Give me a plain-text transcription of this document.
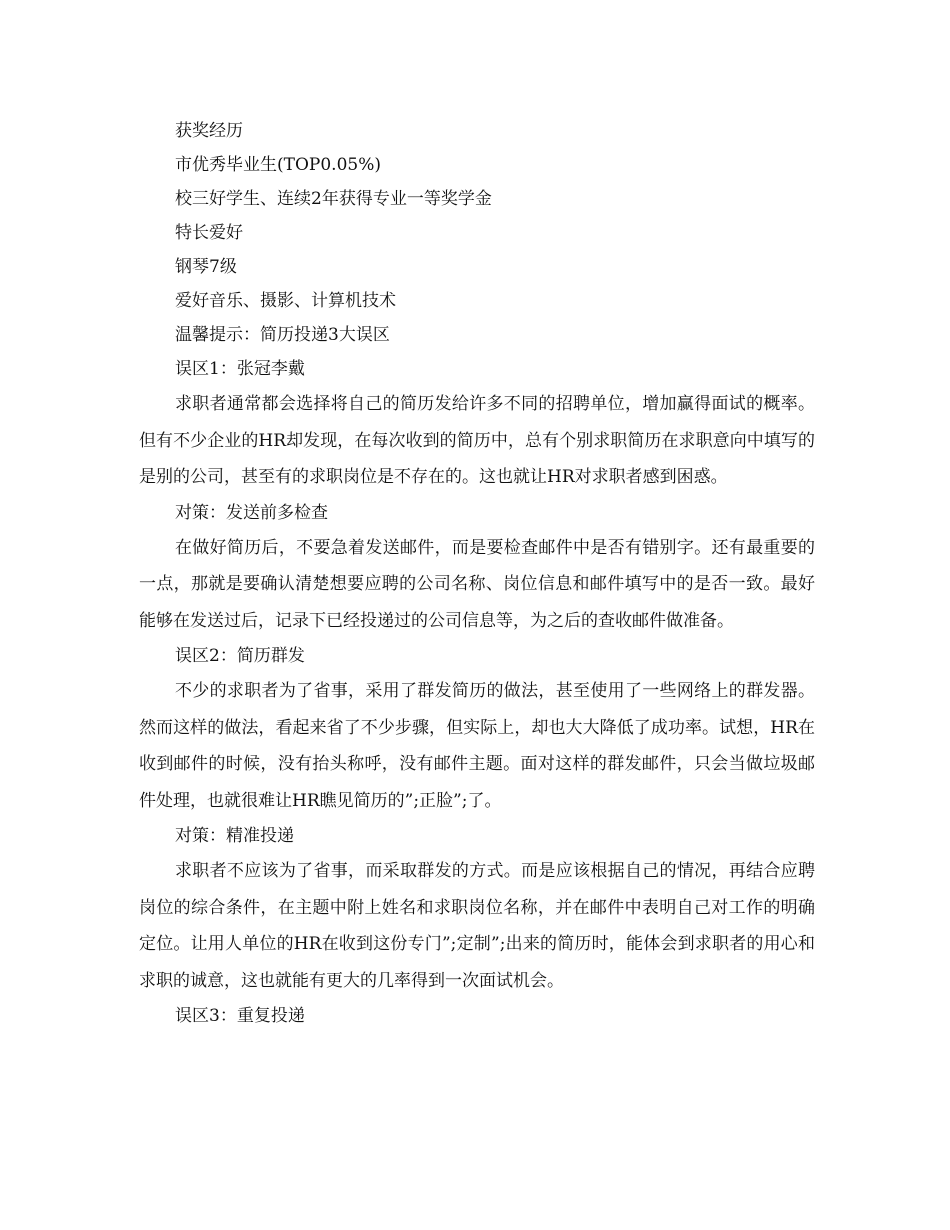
获奖经历
市优秀毕业生(TOP0.05%)
校三好学生、连续2年获得专业一等奖学金
特长爱好
钢琴7级
爱好音乐、摄影、计算机技术
温馨提示：简历投递3大误区
误区1：张冠李戴
求职者通常都会选择将自己的简历发给许多不同的招聘单位，增加赢得面试的概率。但有不少企业的HR却发现，在每次收到的简历中，总有个别求职简历在求职意向中填写的是别的公司，甚至有的求职岗位是不存在的。这也就让HR对求职者感到困惑。
对策：发送前多检查
在做好简历后，不要急着发送邮件，而是要检查邮件中是否有错别字。还有最重要的一点，那就是要确认清楚想要应聘的公司名称、岗位信息和邮件填写中的是否一致。最好能够在发送过后，记录下已经投递过的公司信息等，为之后的查收邮件做准备。
误区2：简历群发
不少的求职者为了省事，采用了群发简历的做法，甚至使用了一些网络上的群发器。然而这样的做法，看起来省了不少步骤，但实际上，却也大大降低了成功率。试想，HR在收到邮件的时候，没有抬头称呼，没有邮件主题。面对这样的群发邮件，只会当做垃圾邮件处理，也就很难让HR瞧见简历的”;正脸”;了。
对策：精准投递
求职者不应该为了省事，而采取群发的方式。而是应该根据自己的情况，再结合应聘岗位的综合条件，在主题中附上姓名和求职岗位名称，并在邮件中表明自己对工作的明确定位。让用人单位的HR在收到这份专门”;定制”;出来的简历时，能体会到求职者的用心和求职的诚意，这也就能有更大的几率得到一次面试机会。
误区3：重复投递
